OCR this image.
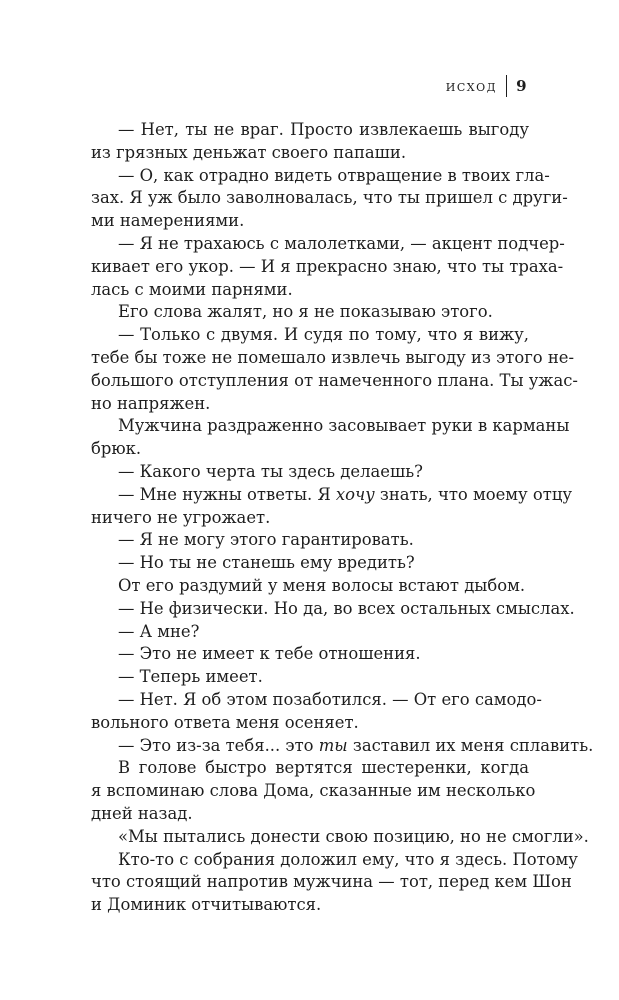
исход 9
— Нет, ты не враг. Просто извлекаешь выгоду
из грязных деньжат своего папаши.
— О, как отрадно видеть отвращение в твоих гла-
зах. Я уж было заволновалась, что ты пришел с други-
ми намерениями.
— Я не трахаюсь с малолетками, — акцент подчер-
кивает его укор. — И я прекрасно знаю, что ты траха-
лась с моими парнями.
Его слова жалят, но я не показываю этого.
— Только с двумя. И судя по тому, что я вижу,
тебе бы тоже не помешало извлечь выгоду из этого не-
большого отступления от намеченного плана. Ты ужас-
но напряжен.
Мужчина раздраженно засовывает руки в карманы
брюк.
— Какого черта ты здесь делаешь?
— Мне нужны ответы. Я хочу знать, что моему отцу
ничего не угрожает.
— Я не могу этого гарантировать.
— Но ты не станешь ему вредить?
От его раздумий у меня волосы встают дыбом.
— Не физически. Но да, во всех остальных смыслах.
— А мне?
— Это не имеет к тебе отношения.
— Теперь имеет.
— Нет. Я об этом позаботился. — От его самодо-
вольного ответа меня осеняет.
— Это из-за тебя... это ты заставил их меня сплавить.
В голове быстро вертятся шестеренки, когда
я вспоминаю слова Дома, сказанные им несколько
дней назад.
«Мы пытались донести свою позицию, но не смогли».
Кто-то с собрания доложил ему, что я здесь. Потому
что стоящий напротив мужчина — тот, перед кем Шон
и Доминик отчитываются.
